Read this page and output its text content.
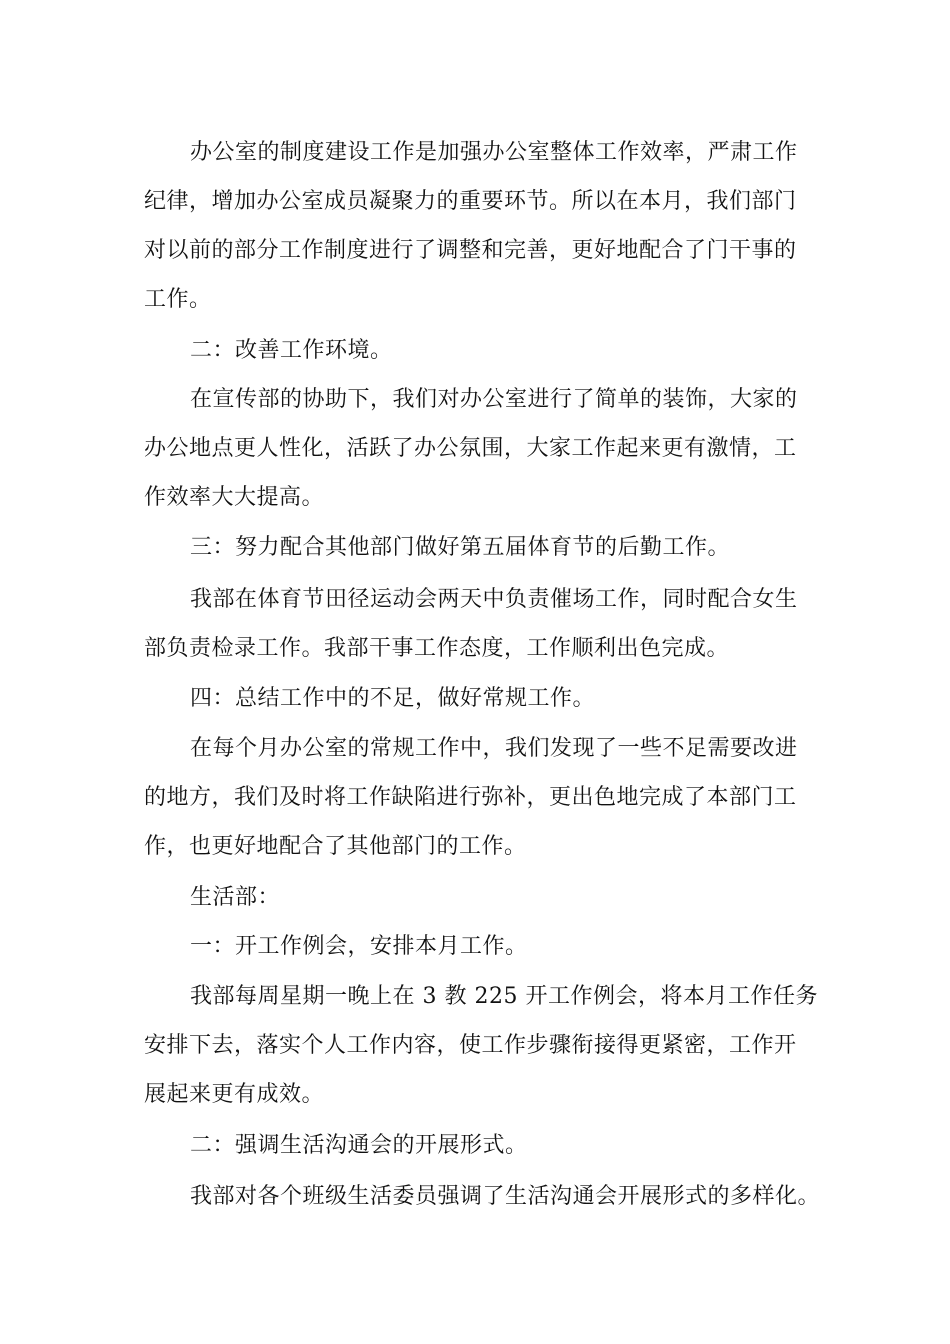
办公室的制度建设工作是加强办公室整体工作效率，严肃工作
纪律，增加办公室成员凝聚力的重要环节。所以在本月，我们部门
对以前的部分工作制度进行了调整和完善，更好地配合了门干事的
工作。
二：改善工作环境。
在宣传部的协助下，我们对办公室进行了简单的装饰，大家的
办公地点更人性化，活跃了办公氛围，大家工作起来更有激情，工
作效率大大提高。
三：努力配合其他部门做好第五届体育节的后勤工作。
我部在体育节田径运动会两天中负责催场工作，同时配合女生
部负责检录工作。我部干事工作态度，工作顺利出色完成。
四：总结工作中的不足，做好常规工作。
在每个月办公室的常规工作中，我们发现了一些不足需要改进
的地方，我们及时将工作缺陷进行弥补，更出色地完成了本部门工
作，也更好地配合了其他部门的工作。
生活部：
一：开工作例会，安排本月工作。
我部每周星期一晚上在 3 教 225 开工作例会，将本月工作任务
安排下去，落实个人工作内容，使工作步骤衔接得更紧密，工作开
展起来更有成效。
二：强调生活沟通会的开展形式。
我部对各个班级生活委员强调了生活沟通会开展形式的多样化。
